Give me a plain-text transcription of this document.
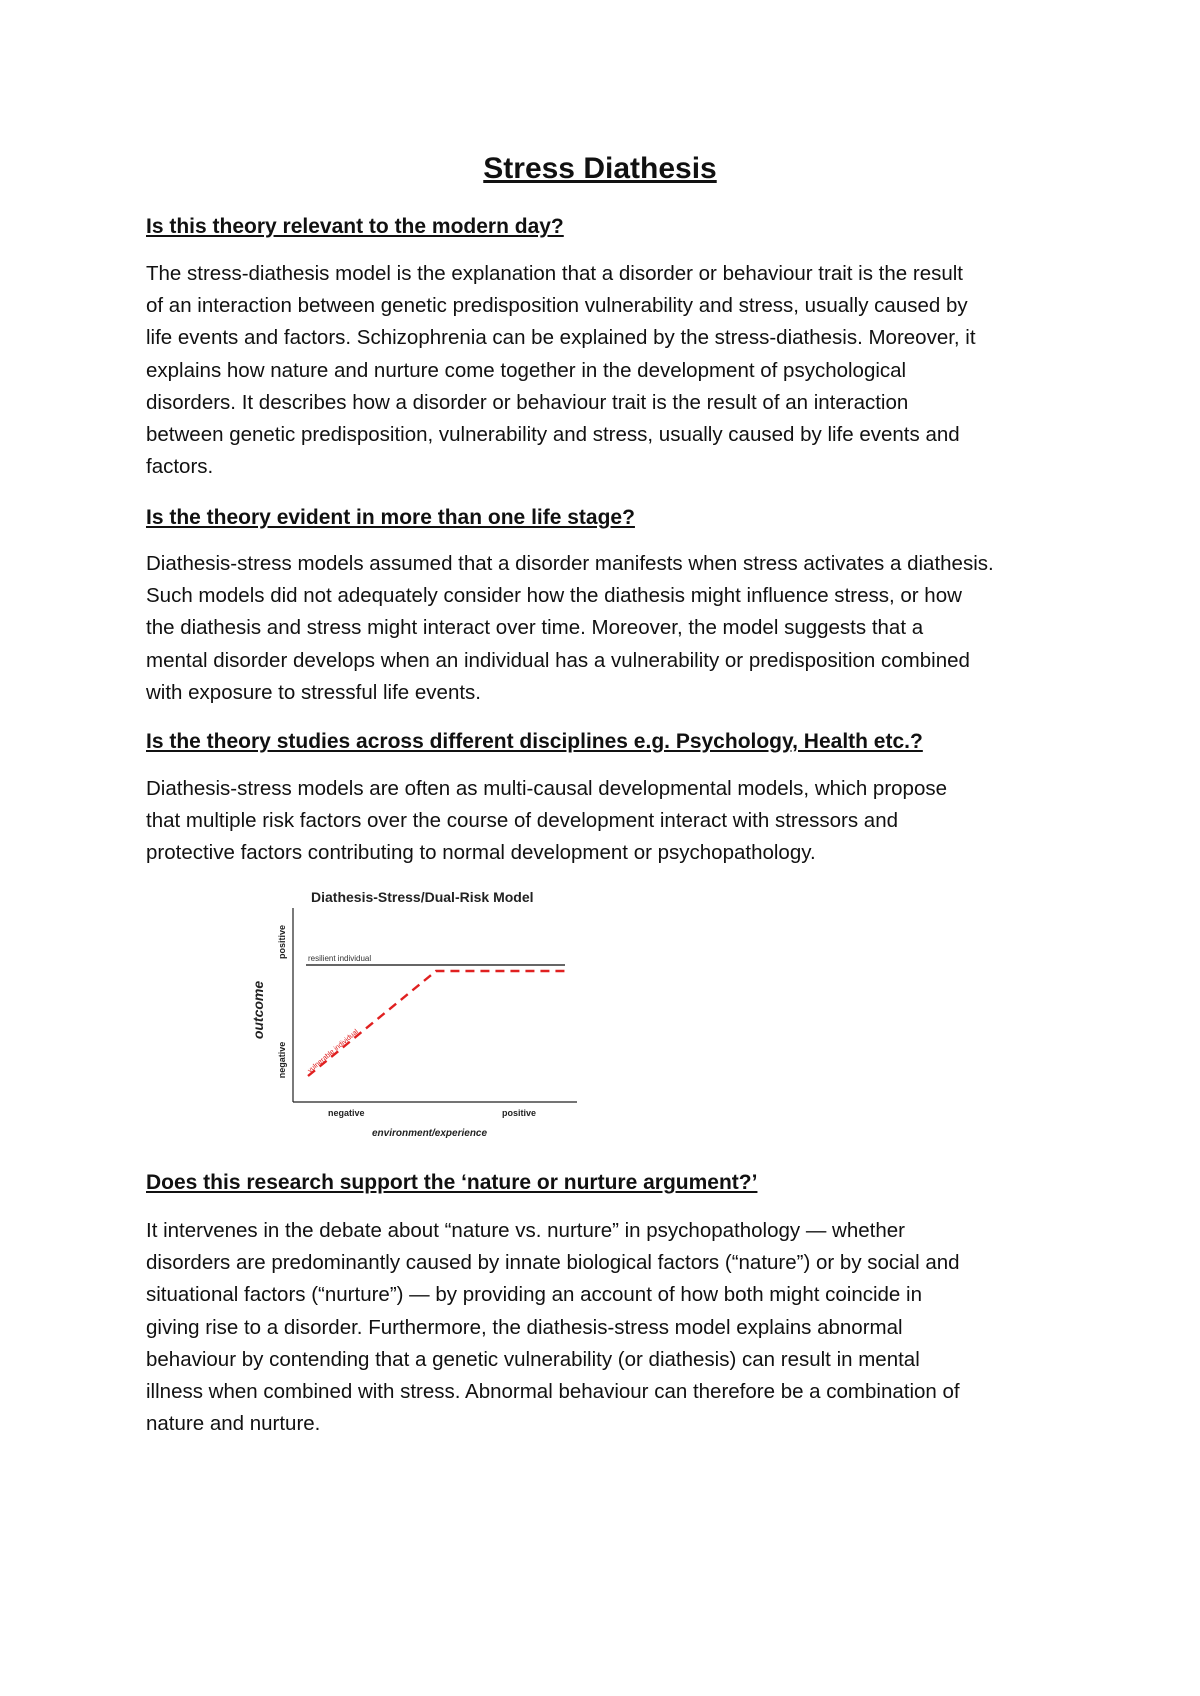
Stress Diathesis
Is this theory relevant to the modern day?

The stress-diathesis model is the explanation that a disorder or behaviour trait is the result
of an interaction between genetic predisposition vulnerability and stress, usually caused by
life events and factors. Schizophrenia can be explained by the stress-diathesis. Moreover, it
explains how nature and nurture come together in the development of psychological
disorders. It describes how a disorder or behaviour trait is the result of an interaction
between genetic predisposition, vulnerability and stress, usually caused by life events and
factors.

Is the theory evident in more than one life stage?

Diathesis-stress models assumed that a disorder manifests when stress activates a diathesis.
Such models did not adequately consider how the diathesis might influence stress, or how
the diathesis and stress might interact over time. Moreover, the model suggests that a
mental disorder develops when an individual has a vulnerability or predisposition combined
with exposure to stressful life events.

Is the theory studies across different disciplines e.g. Psychology, Health etc.?

Diathesis-stress models are often as multi-causal developmental models, which propose
that multiple risk factors over the course of development interact with stressors and
protective factors contributing to normal development or psychopathology.

Diathesis-Stress/Dual-Risk Model
outcome
positive
negative
negative	positive
environment/experience
resilient individual
vulnerable individual
Does this research support the ‘nature or nurture argument?’

It intervenes in the debate about “nature vs. nurture” in psychopathology — whether
disorders are predominantly caused by innate biological factors (“nature”) or by social and
situational factors (“nurture”) — by providing an account of how both might coincide in
giving rise to a disorder. Furthermore, the diathesis-stress model explains abnormal
behaviour by contending that a genetic vulnerability (or diathesis) can result in mental
illness when combined with stress. Abnormal behaviour can therefore be a combination of
nature and nurture.
